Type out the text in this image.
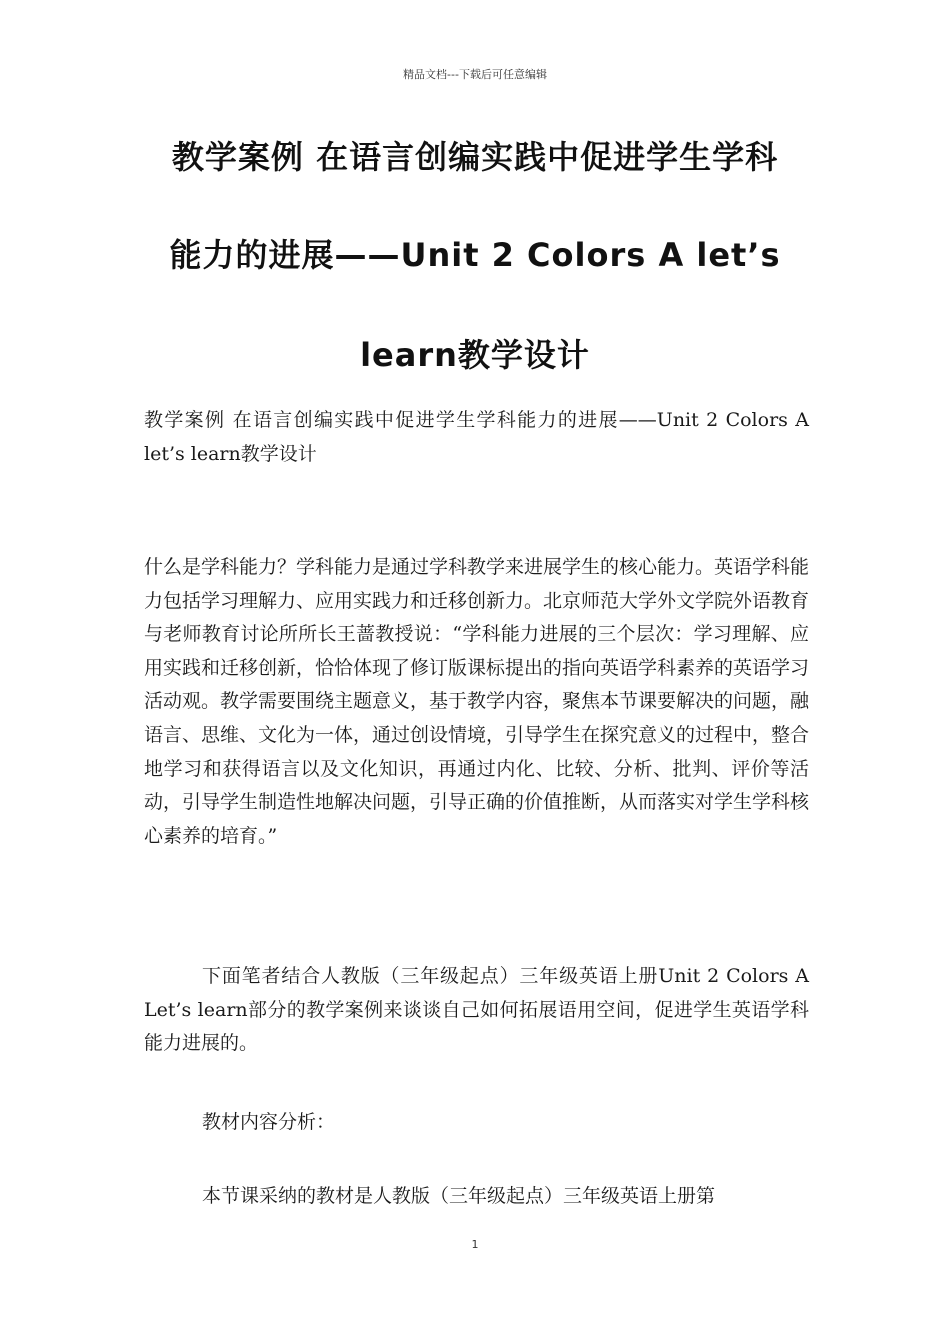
精品文档---下载后可任意编辑
教学案例 在语言创编实践中促进学生学科
能力的进展——Unit 2 Colors A let’s
learn教学设计
教学案例 在语言创编实践中促进学生学科能力的进展——Unit 2 Colors A let’s learn教学设计
什么是学科能力？学科能力是通过学科教学来进展学生的核心能力。英语学科能力包括学习理解力、应用实践力和迁移创新力。北京师范大学外文学院外语教育与老师教育讨论所所长王蔷教授说：“学科能力进展的三个层次：学习理解、应用实践和迁移创新，恰恰体现了修订版课标提出的指向英语学科素养的英语学习活动观。教学需要围绕主题意义，基于教学内容，聚焦本节课要解决的问题，融语言、思维、文化为一体，通过创设情境，引导学生在探究意义的过程中，整合地学习和获得语言以及文化知识，再通过内化、比较、分析、批判、评价等活动，引导学生制造性地解决问题，引导正确的价值推断，从而落实对学生学科核心素养的培育。”
下面笔者结合人教版（三年级起点）三年级英语上册Unit 2 Colors A Let’s learn部分的教学案例来谈谈自己如何拓展语用空间，促进学生英语学科能力进展的。
教材内容分析：
本节课采纳的教材是人教版（三年级起点）三年级英语上册第
1
